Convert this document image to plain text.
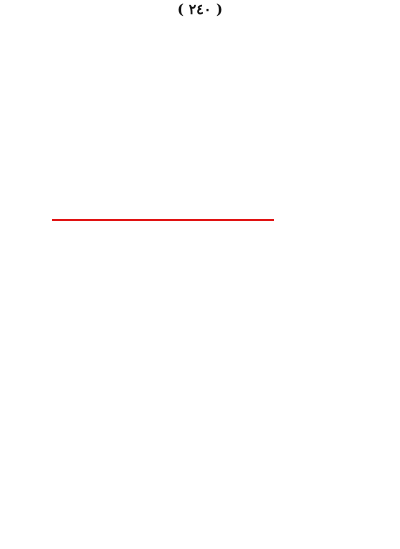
( ٢٤٠ )
